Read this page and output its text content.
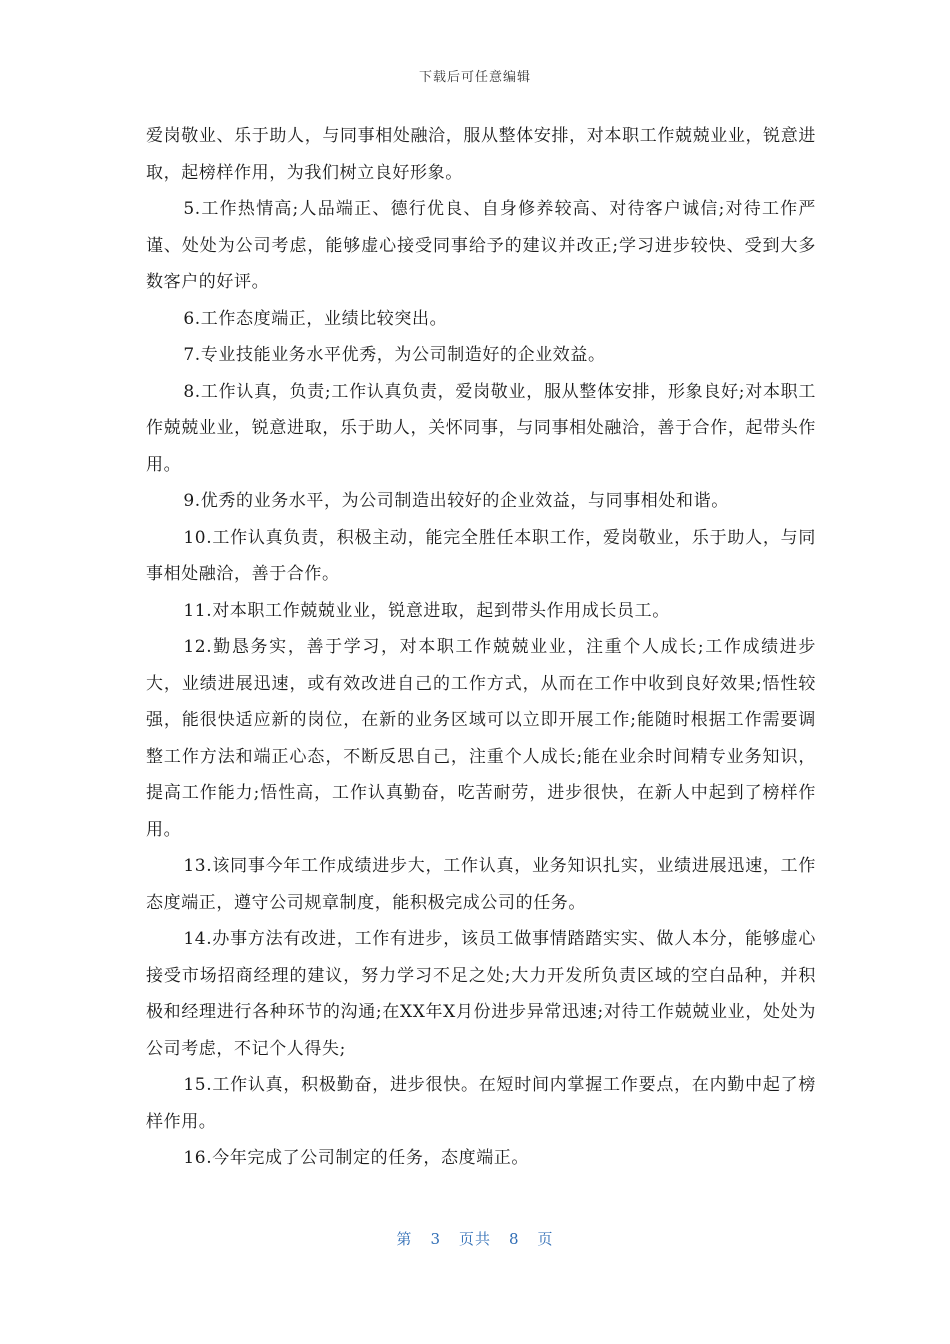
下载后可任意编辑

爱岗敬业、乐于助人，与同事相处融洽，服从整体安排，对本职工作兢兢业业，锐意进取，起榜样作用，为我们树立良好形象。

5.工作热情高;人品端正、德行优良、自身修养较高、对待客户诚信;对待工作严谨、处处为公司考虑，能够虚心接受同事给予的建议并改正;学习进步较快、受到大多数客户的好评。

6.工作态度端正，业绩比较突出。

7.专业技能业务水平优秀，为公司制造好的企业效益。

8.工作认真，负责;工作认真负责，爱岗敬业，服从整体安排，形象良好;对本职工作兢兢业业，锐意进取，乐于助人，关怀同事，与同事相处融洽，善于合作，起带头作用。

9.优秀的业务水平，为公司制造出较好的企业效益，与同事相处和谐。

10.工作认真负责，积极主动，能完全胜任本职工作，爱岗敬业，乐于助人，与同事相处融洽，善于合作。

11.对本职工作兢兢业业，锐意进取，起到带头作用成长员工。

12.勤恳务实，善于学习，对本职工作兢兢业业，注重个人成长;工作成绩进步大，业绩进展迅速，或有效改进自己的工作方式，从而在工作中收到良好效果;悟性较强，能很快适应新的岗位，在新的业务区域可以立即开展工作;能随时根据工作需要调整工作方法和端正心态，不断反思自己，注重个人成长;能在业余时间精专业务知识，提高工作能力;悟性高，工作认真勤奋，吃苦耐劳，进步很快，在新人中起到了榜样作用。

13.该同事今年工作成绩进步大，工作认真，业务知识扎实，业绩进展迅速，工作态度端正，遵守公司规章制度，能积极完成公司的任务。

14.办事方法有改进，工作有进步，该员工做事情踏踏实实、做人本分，能够虚心接受市场招商经理的建议，努力学习不足之处;大力开发所负责区域的空白品种，并积极和经理进行各种环节的沟通;在XX年X月份进步异常迅速;对待工作兢兢业业，处处为公司考虑，不记个人得失;

15.工作认真，积极勤奋，进步很快。在短时间内掌握工作要点，在内勤中起了榜样作用。

16.今年完成了公司制定的任务，态度端正。

第 3 页共 8 页
